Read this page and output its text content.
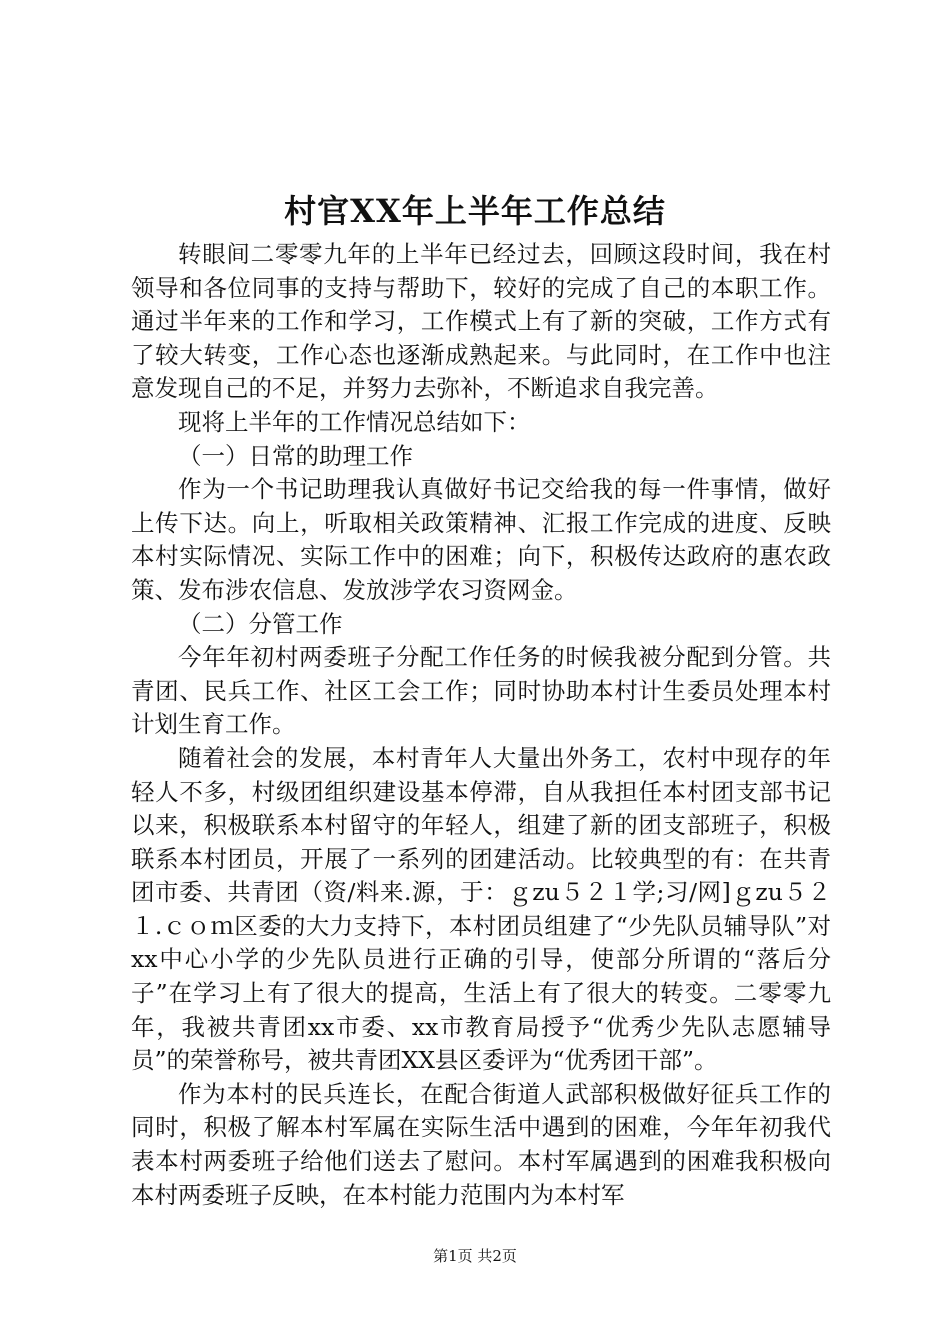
村官XX年上半年工作总结

转眼间二零零九年的上半年已经过去，回顾这段时间，我在村领导和各位同事的支持与帮助下，较好的完成了自己的本职工作。通过半年来的工作和学习，工作模式上有了新的突破，工作方式有了较大转变，工作心态也逐渐成熟起来。与此同时，在工作中也注意发现自己的不足，并努力去弥补，不断追求自我完善。

现将上半年的工作情况总结如下：

（一）日常的助理工作

作为一个书记助理我认真做好书记交给我的每一件事情，做好上传下达。向上，听取相关政策精神、汇报工作完成的进度、反映本村实际情况、实际工作中的困难；向下，积极传达政府的惠农政策、发布涉农信息、发放涉学农习资网金。

（二）分管工作

今年年初村两委班子分配工作任务的时候我被分配到分管。共青团、民兵工作、社区工会工作；同时协助本村计生委员处理本村计划生育工作。

随着社会的发展，本村青年人大量出外务工，农村中现存的年轻人不多，村级团组织建设基本停滞，自从我担任本村团支部书记以来，积极联系本村留守的年轻人，组建了新的团支部班子，积极联系本村团员，开展了一系列的团建活动。比较典型的有：在共青团市委、共青团（资/料来.源，于：ｇzu５２１学;习/网]ｇzu５２１.ｃｏｍ区委的大力支持下，本村团员组建了“少先队员辅导队”对xx中心小学的少先队员进行正确的引导，使部分所谓的“落后分子”在学习上有了很大的提高，生活上有了很大的转变。二零零九年，我被共青团xx市委、xx市教育局授予“优秀少先队志愿辅导员”的荣誉称号，被共青团XX县区委评为“优秀团干部”。

作为本村的民兵连长，在配合街道人武部积极做好征兵工作的同时，积极了解本村军属在实际生活中遇到的困难，今年年初我代表本村两委班子给他们送去了慰问。本村军属遇到的困难我积极向本村两委班子反映，在本村能力范围内为本村军

第1页 共2页
